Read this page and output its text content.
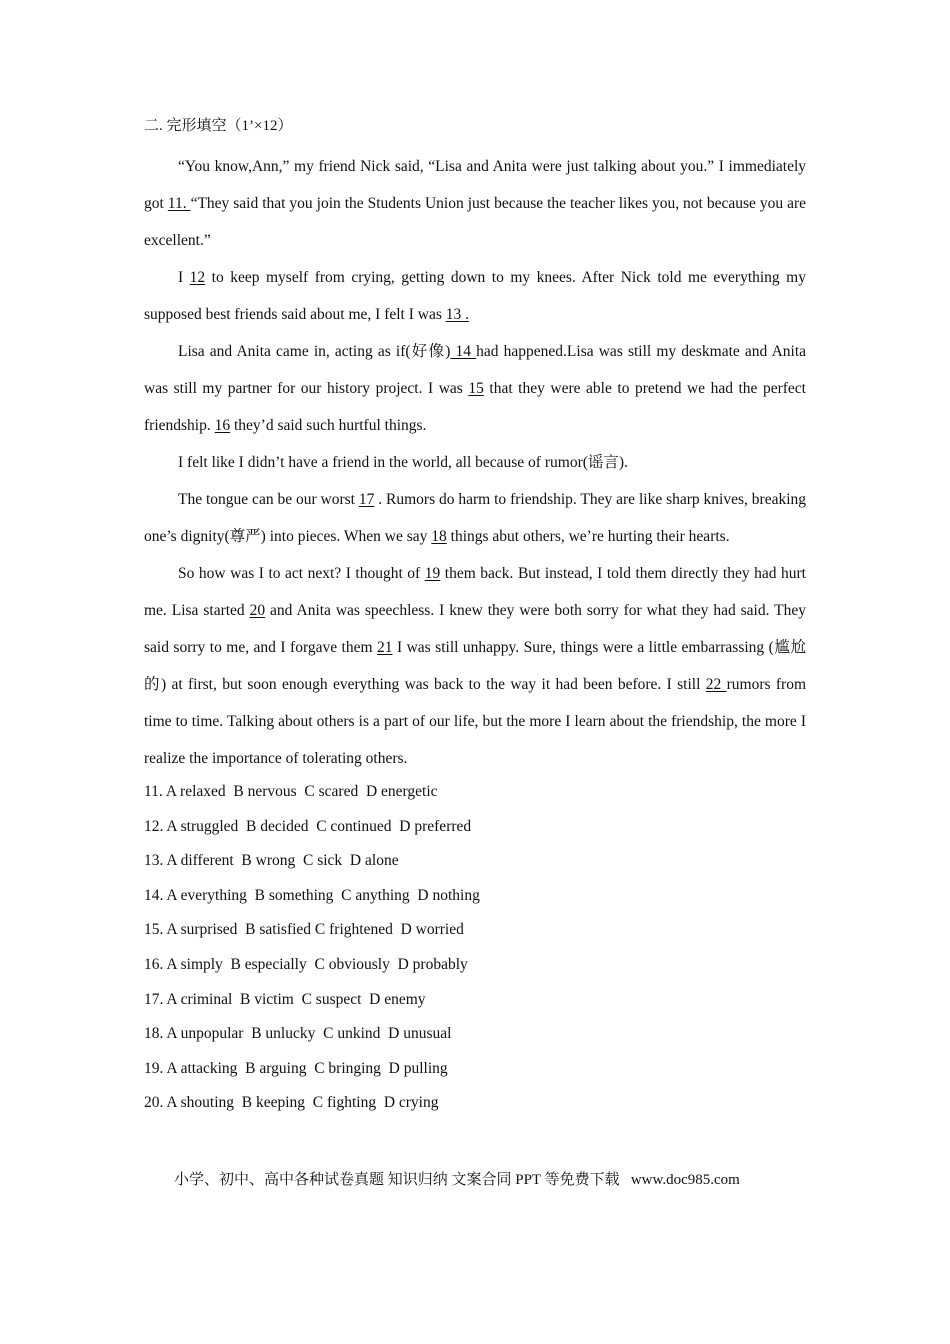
二. 完形填空（1’×12）

“You know,Ann,” my friend Nick said, “Lisa and Anita were just talking about you.” I immediately got 11. “They said that you join the Students Union just because the teacher likes you, not because you are excellent.”

I 12 to keep myself from crying, getting down to my knees. After Nick told me everything my supposed best friends said about me, I felt I was 13 .

Lisa and Anita came in, acting as if(好像) 14 had happened.Lisa was still my deskmate and Anita was still my partner for our history project. I was 15 that they were able to pretend we had the perfect friendship. 16 they’d said such hurtful things.

I felt like I didn’t have a friend in the world, all because of rumor(谣言).

The tongue can be our worst 17 . Rumors do harm to friendship. They are like sharp knives, breaking one’s dignity(尊严) into pieces. When we say 18 things abut others, we’re hurting their hearts.

So how was I to act next? I thought of 19 them back. But instead, I told them directly they had hurt me. Lisa started 20 and Anita was speechless. I knew they were both sorry for what they had said. They said sorry to me, and I forgave them 21 I was still unhappy. Sure, things were a little embarrassing (尴尬的) at first, but soon enough everything was back to the way it had been before. I still 22 rumors from time to time. Talking about others is a part of our life, but the more I learn about the friendship, the more I realize the importance of tolerating others.

11. A relaxed  B nervous  C scared  D energetic
12. A struggled  B decided  C continued  D preferred
13. A different  B wrong  C sick  D alone
14. A everything  B something  C anything  D nothing
15. A surprised  B satisfied C frightened  D worried
16. A simply  B especially  C obviously  D probably
17. A criminal  B victim  C suspect  D enemy
18. A unpopular  B unlucky  C unkind  D unusual
19. A attacking  B arguing  C bringing  D pulling
20. A shouting  B keeping  C fighting  D crying
小学、初中、高中各种试卷真题 知识归纳 文案合同 PPT 等免费下载   www.doc985.com
